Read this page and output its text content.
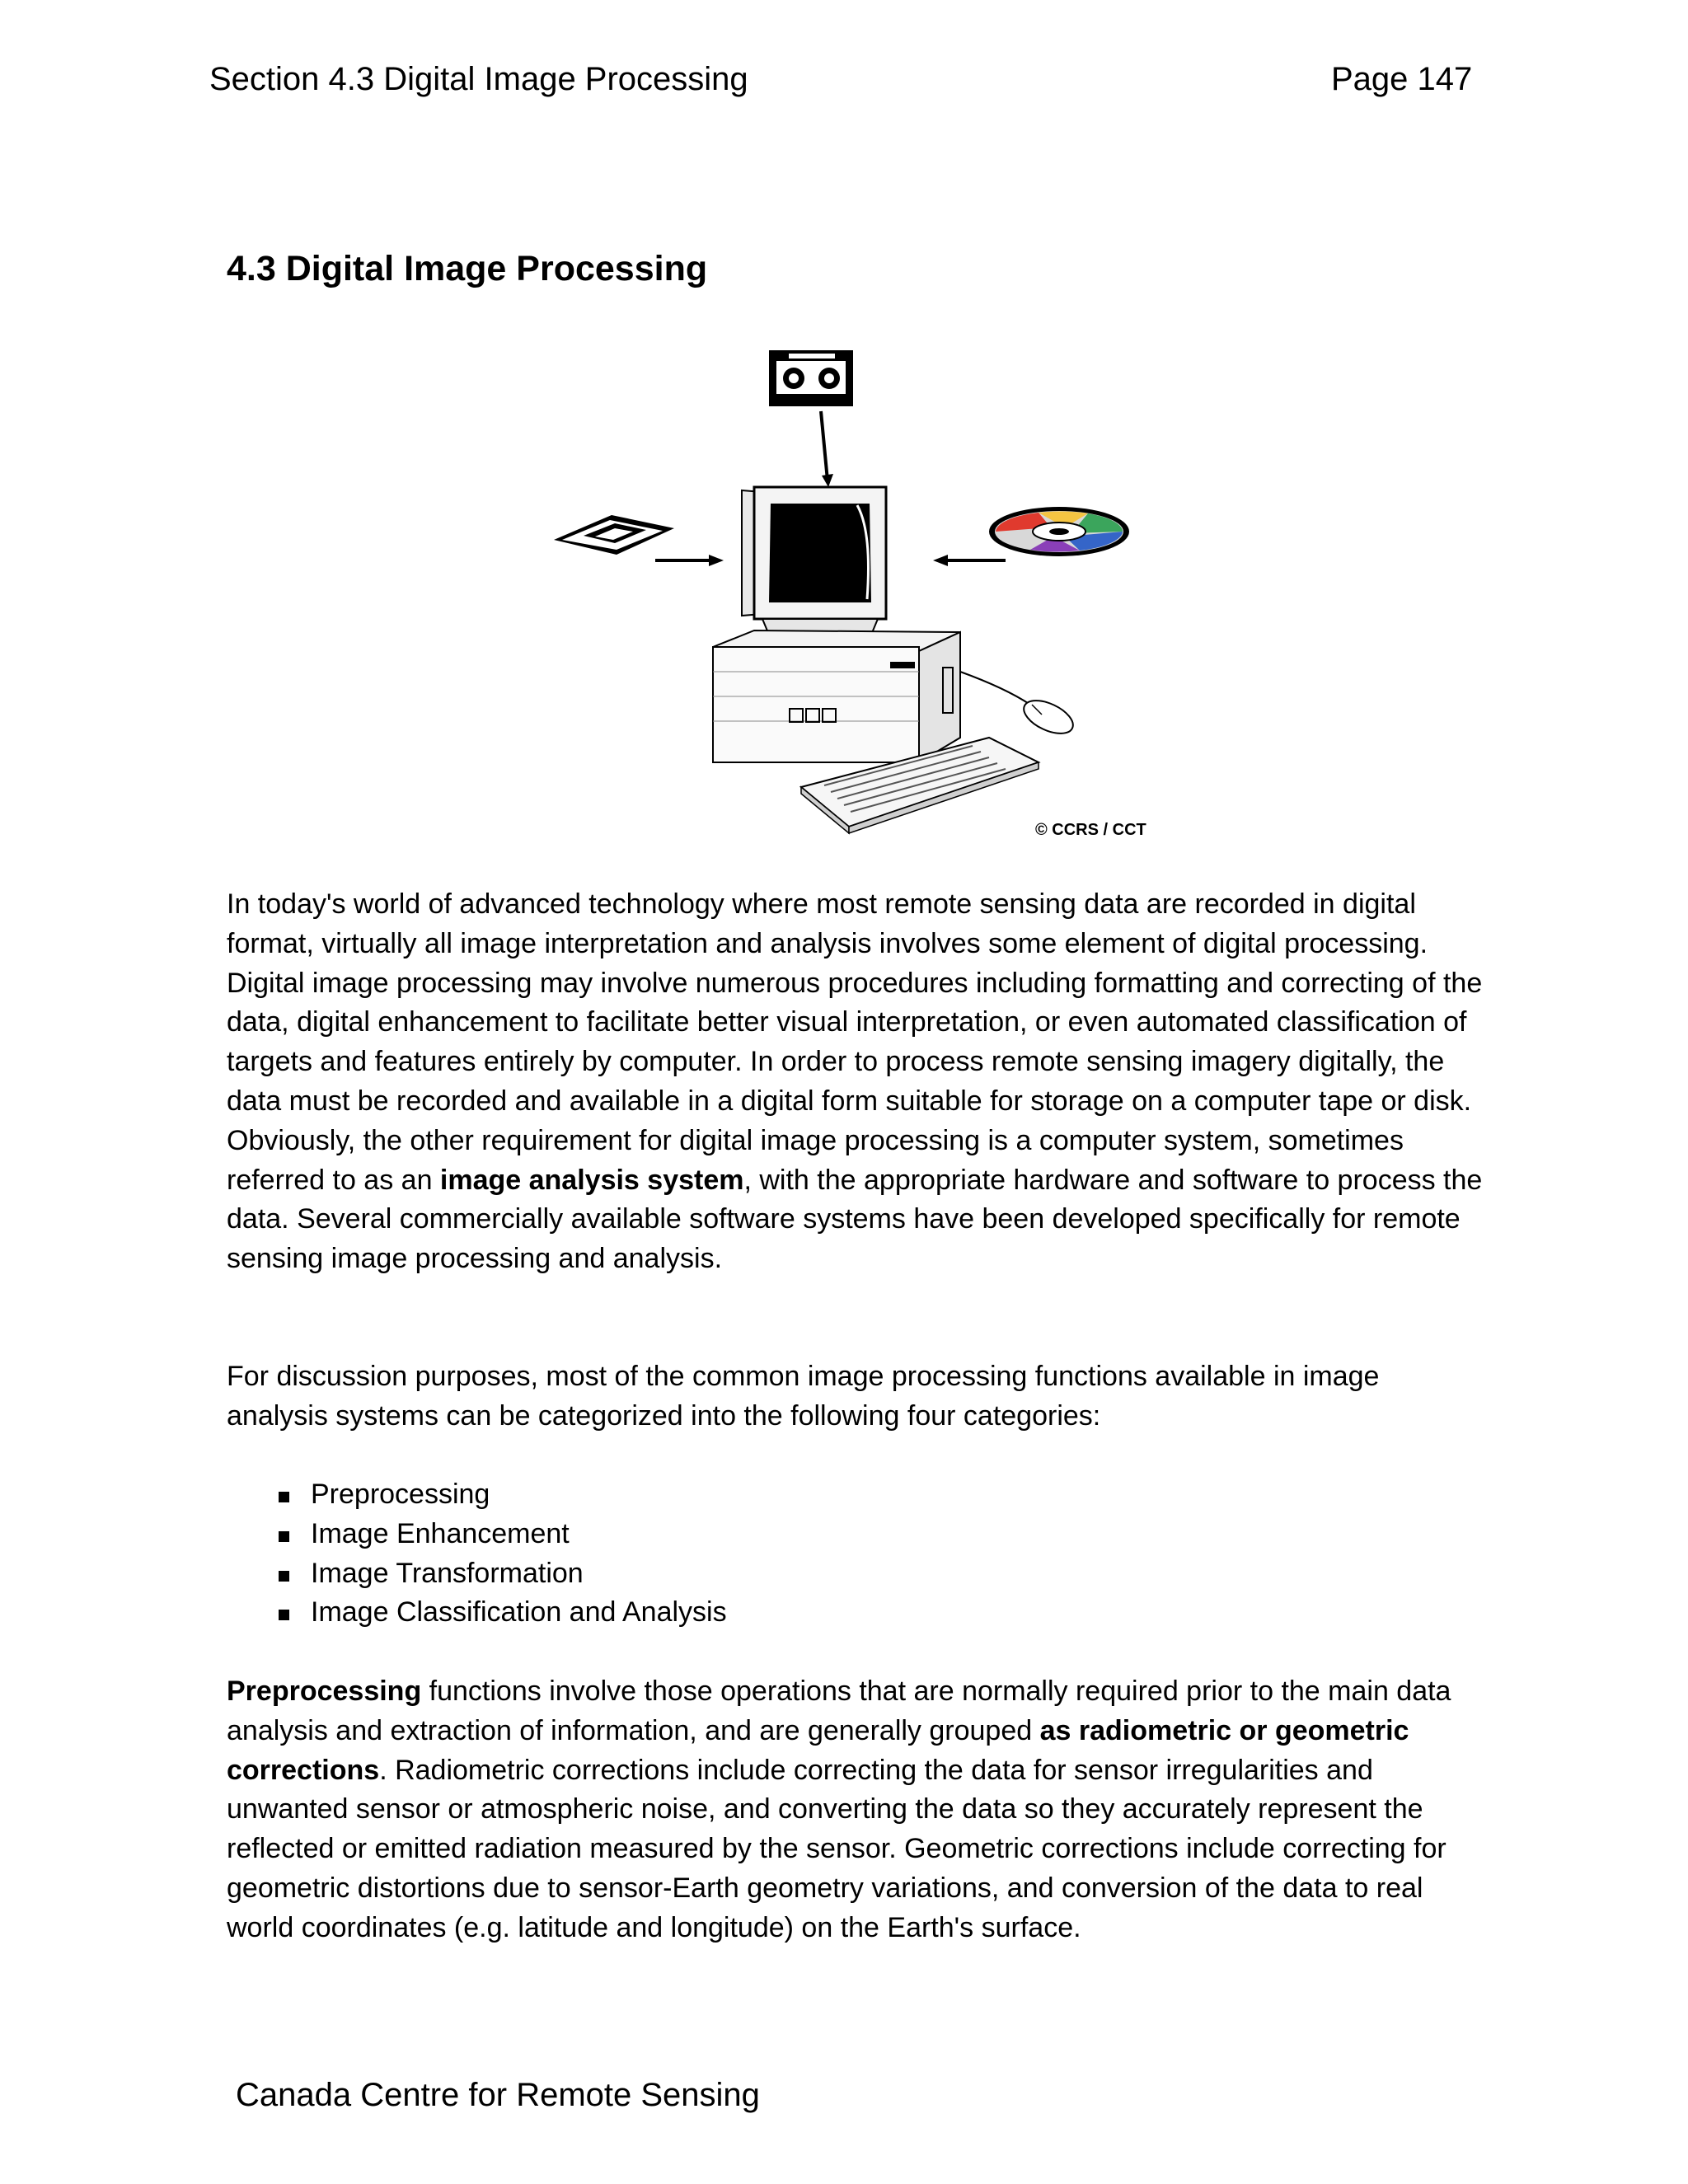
Section 4.3 Digital Image Processing	Page 147

4.3 Digital Image Processing
© CCRS / CCT

In today's world of advanced technology where most remote sensing data are recorded in digital format, virtually all image interpretation and analysis involves some element of digital processing. Digital image processing may involve numerous procedures including formatting and correcting of the data, digital enhancement to facilitate better visual interpretation, or even automated classification of targets and features entirely by computer. In order to process remote sensing imagery digitally, the data must be recorded and available in a digital form suitable for storage on a computer tape or disk. Obviously, the other requirement for digital image processing is a computer system, sometimes referred to as an image analysis system, with the appropriate hardware and software to process the data. Several commercially available software systems have been developed specifically for remote sensing image processing and analysis.

For discussion purposes, most of the common image processing functions available in image analysis systems can be categorized into the following four categories:

Preprocessing
Image Enhancement
Image Transformation
Image Classification and Analysis

Preprocessing functions involve those operations that are normally required prior to the main data analysis and extraction of information, and are generally grouped as radiometric or geometric corrections. Radiometric corrections include correcting the data for sensor irregularities and unwanted sensor or atmospheric noise, and converting the data so they accurately represent the reflected or emitted radiation measured by the sensor. Geometric corrections include correcting for geometric distortions due to sensor-Earth geometry variations, and conversion of the data to real world coordinates (e.g. latitude and longitude) on the Earth's surface.

Canada Centre for Remote Sensing
